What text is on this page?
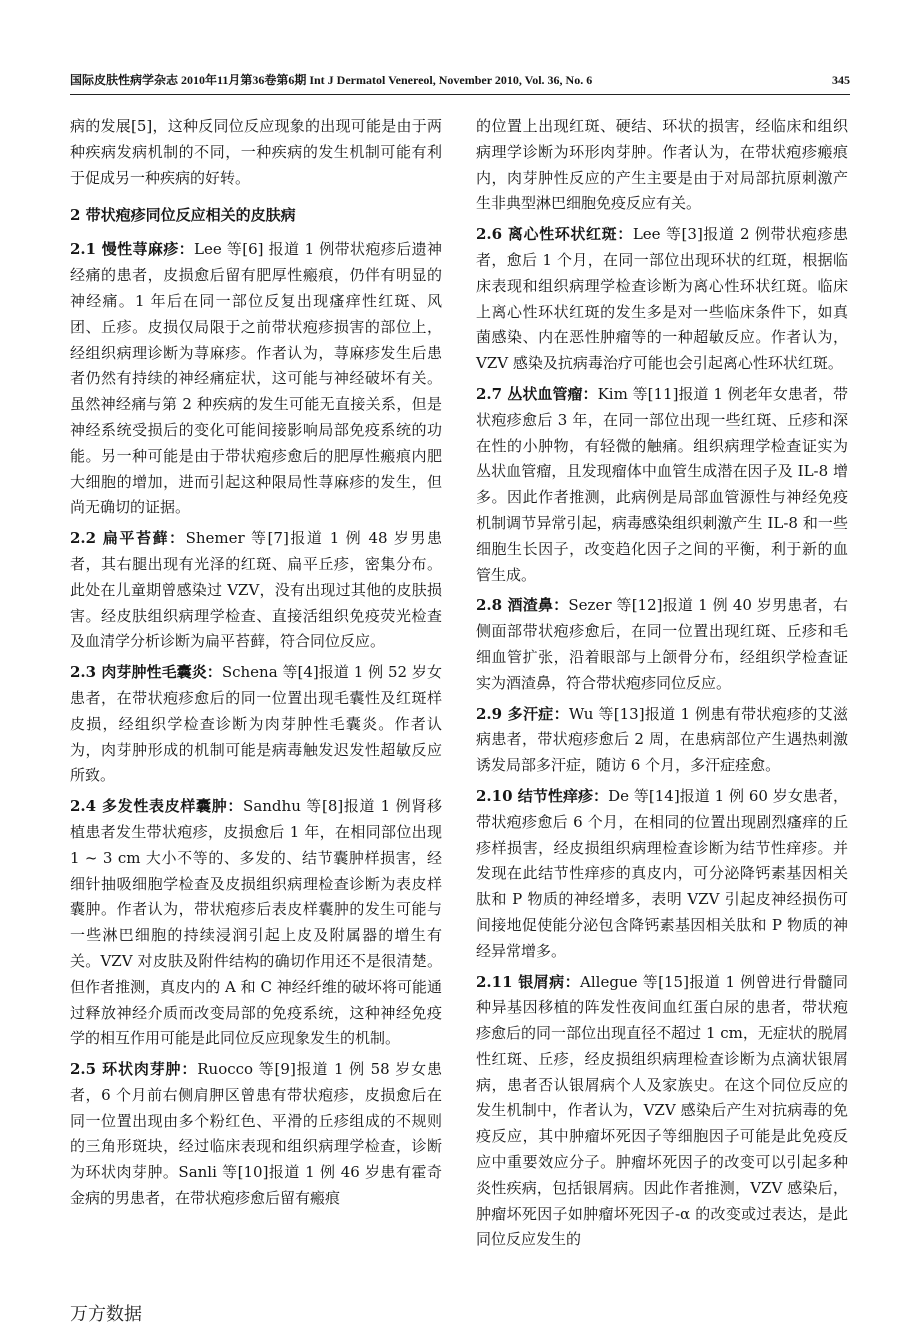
国际皮肤性病学杂志 2010年11月第36卷第6期 Int J Dermatol Venereol, November 2010, Vol. 36, No. 6	345

病的发展[5]，这种反同位反应现象的出现可能是由于两种疾病发病机制的不同，一种疾病的发生机制可能有利于促成另一种疾病的好转。

2 带状疱疹同位反应相关的皮肤病

2.1 慢性荨麻疹：Lee 等[6] 报道 1 例带状疱疹后遗神经痛的患者，皮损愈后留有肥厚性瘢痕，仍伴有明显的神经痛。1 年后在同一部位反复出现瘙痒性红斑、风团、丘疹。皮损仅局限于之前带状疱疹损害的部位上，经组织病理诊断为荨麻疹。作者认为，荨麻疹发生后患者仍然有持续的神经痛症状，这可能与神经破坏有关。虽然神经痛与第 2 种疾病的发生可能无直接关系，但是神经系统受损后的变化可能间接影响局部免疫系统的功能。另一种可能是由于带状疱疹愈后的肥厚性瘢痕内肥大细胞的增加，进而引起这种限局性荨麻疹的发生，但尚无确切的证据。

2.2 扁平苔藓：Shemer 等[7]报道 1 例 48 岁男患者，其右腿出现有光泽的红斑、扁平丘疹，密集分布。此处在儿童期曾感染过 VZV，没有出现过其他的皮肤损害。经皮肤组织病理学检查、直接活组织免疫荧光检查及血清学分析诊断为扁平苔藓，符合同位反应。

2.3 肉芽肿性毛囊炎：Schena 等[4]报道 1 例 52 岁女患者，在带状疱疹愈后的同一位置出现毛囊性及红斑样皮损，经组织学检查诊断为肉芽肿性毛囊炎。作者认为，肉芽肿形成的机制可能是病毒触发迟发性超敏反应所致。

2.4 多发性表皮样囊肿：Sandhu 等[8]报道 1 例肾移植患者发生带状疱疹，皮损愈后 1 年，在相同部位出现 1 ~ 3 cm 大小不等的、多发的、结节囊肿样损害，经细针抽吸细胞学检查及皮损组织病理检查诊断为表皮样囊肿。作者认为，带状疱疹后表皮样囊肿的发生可能与一些淋巴细胞的持续浸润引起上皮及附属器的增生有关。VZV 对皮肤及附件结构的确切作用还不是很清楚。但作者推测，真皮内的 A 和 C 神经纤维的破坏将可能通过释放神经介质而改变局部的免疫系统，这种神经免疫学的相互作用可能是此同位反应现象发生的机制。

2.5 环状肉芽肿：Ruocco 等[9]报道 1 例 58 岁女患者，6 个月前右侧肩胛区曾患有带状疱疹，皮损愈后在同一位置出现由多个粉红色、平滑的丘疹组成的不规则的三角形斑块，经过临床表现和组织病理学检查，诊断为环状肉芽肿。Sanli 等[10]报道 1 例 46 岁患有霍奇金病的男患者，在带状疱疹愈后留有瘢痕

的位置上出现红斑、硬结、环状的损害，经临床和组织病理学诊断为环形肉芽肿。作者认为，在带状疱疹瘢痕内，肉芽肿性反应的产生主要是由于对局部抗原刺激产生非典型淋巴细胞免疫反应有关。

2.6 离心性环状红斑：Lee 等[3]报道 2 例带状疱疹患者，愈后 1 个月，在同一部位出现环状的红斑，根据临床表现和组织病理学检查诊断为离心性环状红斑。临床上离心性环状红斑的发生多是对一些临床条件下，如真菌感染、内在恶性肿瘤等的一种超敏反应。作者认为，VZV 感染及抗病毒治疗可能也会引起离心性环状红斑。

2.7 丛状血管瘤：Kim 等[11]报道 1 例老年女患者，带状疱疹愈后 3 年，在同一部位出现一些红斑、丘疹和深在性的小肿物，有轻微的触痛。组织病理学检查证实为丛状血管瘤，且发现瘤体中血管生成潜在因子及 IL-8 增多。因此作者推测，此病例是局部血管源性与神经免疫机制调节异常引起，病毒感染组织刺激产生 IL-8 和一些细胞生长因子，改变趋化因子之间的平衡，利于新的血管生成。

2.8 酒渣鼻：Sezer 等[12]报道 1 例 40 岁男患者，右侧面部带状疱疹愈后，在同一位置出现红斑、丘疹和毛细血管扩张，沿着眼部与上颌骨分布，经组织学检查证实为酒渣鼻，符合带状疱疹同位反应。

2.9 多汗症：Wu 等[13]报道 1 例患有带状疱疹的艾滋病患者，带状疱疹愈后 2 周，在患病部位产生遇热刺激诱发局部多汗症，随访 6 个月，多汗症痊愈。

2.10 结节性痒疹：De 等[14]报道 1 例 60 岁女患者，带状疱疹愈后 6 个月，在相同的位置出现剧烈瘙痒的丘疹样损害，经皮损组织病理检查诊断为结节性痒疹。并发现在此结节性痒疹的真皮内，可分泌降钙素基因相关肽和 P 物质的神经增多，表明 VZV 引起皮神经损伤可间接地促使能分泌包含降钙素基因相关肽和 P 物质的神经异常增多。

2.11 银屑病：Allegue 等[15]报道 1 例曾进行骨髓同种异基因移植的阵发性夜间血红蛋白尿的患者，带状疱疹愈后的同一部位出现直径不超过 1 cm，无症状的脱屑性红斑、丘疹，经皮损组织病理检查诊断为点滴状银屑病，患者否认银屑病个人及家族史。在这个同位反应的发生机制中，作者认为，VZV 感染后产生对抗病毒的免疫反应，其中肿瘤坏死因子等细胞因子可能是此免疫反应中重要效应分子。肿瘤坏死因子的改变可以引起多种炎性疾病，包括银屑病。因此作者推测，VZV 感染后，肿瘤坏死因子如肿瘤坏死因子-α 的改变或过表达，是此同位反应发生的

万方数据
